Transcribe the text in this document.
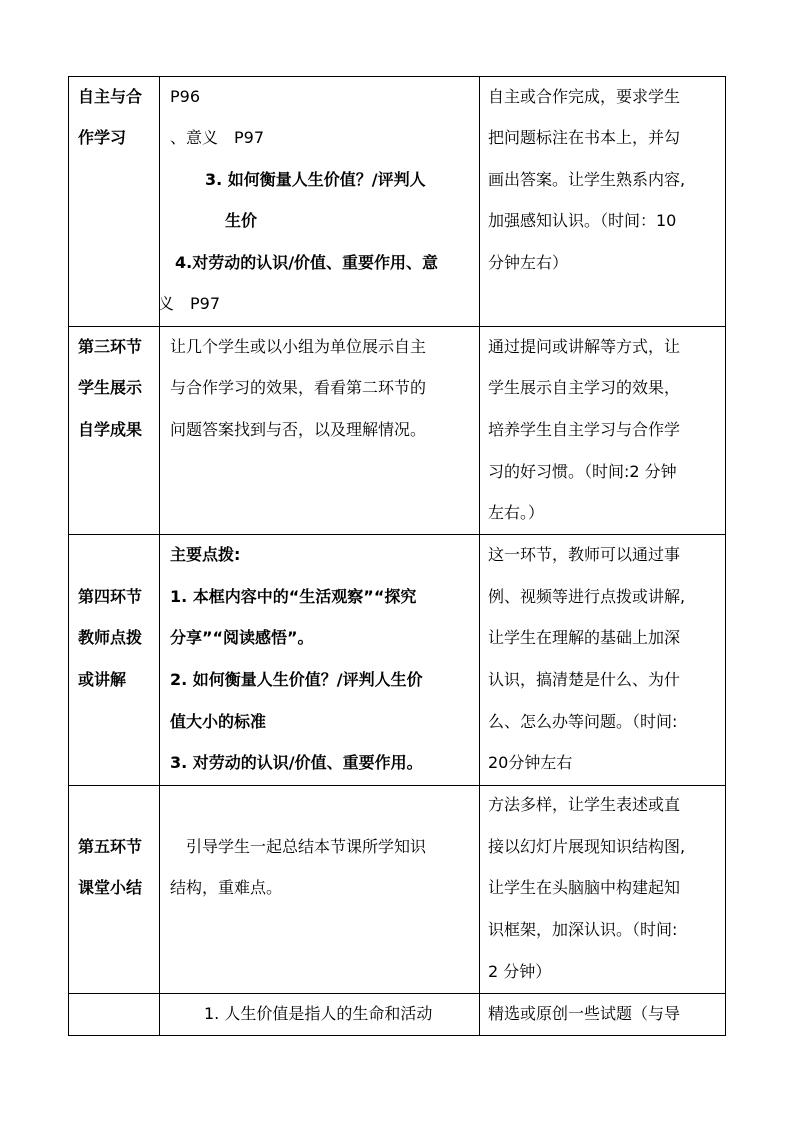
自主与合
作学习
P96
、意义　P97
3. 如何衡量人生价值？/评判人
生价
4.对劳动的认识/价值、重要作用、意
义　P97
自主或合作完成，要求学生
把问题标注在书本上，并勾
画出答案。让学生熟系内容,
加强感知认识。（时间：10
分钟左右）
第三环节
学生展示
自学成果
让几个学生或以小组为单位展示自主
与合作学习的效果，看看第二环节的
问题答案找到与否，以及理解情况。
通过提问或讲解等方式，让
学生展示自主学习的效果，
培养学生自主学习与合作学
习的好习惯。（时间:2 分钟
左右。）
第四环节
教师点拨
或讲解
主要点拨:
1. 本框内容中的“生活观察”“探究
分享”“阅读感悟”。
2. 如何衡量人生价值？/评判人生价
值大小的标准
3. 对劳动的认识/价值、重要作用。
这一环节，教师可以通过事
例、视频等进行点拨或讲解,
让学生在理解的基础上加深
认识，搞清楚是什么、为什
么、怎么办等问题。（时间:
20分钟左右
第五环节
课堂小结
引导学生一起总结本节课所学知识
结构，重难点。
方法多样，让学生表述或直
接以幻灯片展现知识结构图,
让学生在头脑脑中构建起知
识框架，加深认识。（时间:
2 分钟）
1. 人生价值是指人的生命和活动	精选或原创一些试题（与导
